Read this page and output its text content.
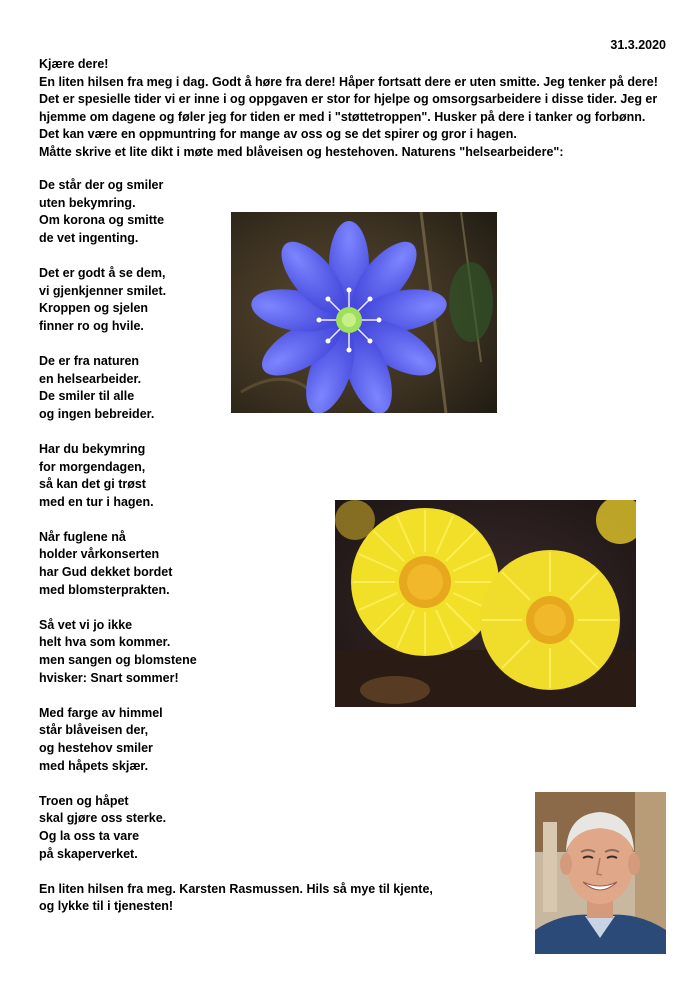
31.3.2020
Kjære dere!
En liten hilsen fra meg i dag. Godt å høre fra dere! Håper fortsatt dere er uten smitte. Jeg tenker på dere!
Det er spesielle tider vi er inne i og oppgaven er stor for hjelpe og omsorgsarbeidere i disse tider. Jeg er
hjemme om dagene og føler jeg for tiden er med i "støttetroppen". Husker på dere i tanker og forbønn.
Det kan være en oppmuntring for mange av oss og se det spirer og gror i hagen.
Måtte skrive et lite dikt i møte med blåveisen og hestehoven. Naturens "helsearbeidere":
De står der og smiler
uten bekymring.
Om korona og smitte
de vet ingenting.
Det er godt å se dem,
vi gjenkjenner smilet.
Kroppen og sjelen
finner ro og hvile.
De er fra naturen
en helsearbeider.
De smiler til alle
og ingen bebreider.
Har du bekymring
for morgendagen,
så kan det gi trøst
med en tur i hagen.
Når fuglene nå
holder vårkonserten
har Gud dekket bordet
med blomsterprakten.
Så vet vi jo ikke
helt hva som kommer.
men sangen og blomstene
hvisker: Snart sommer!
Med farge av himmel
står blåveisen der,
og hestehov smiler
med håpets skjær.
Troen og håpet
skal gjøre oss sterke.
Og la oss ta vare
på skaperverket.
En liten hilsen fra meg. Karsten Rasmussen. Hils så mye til kjente,
og lykke til i tjenesten!
